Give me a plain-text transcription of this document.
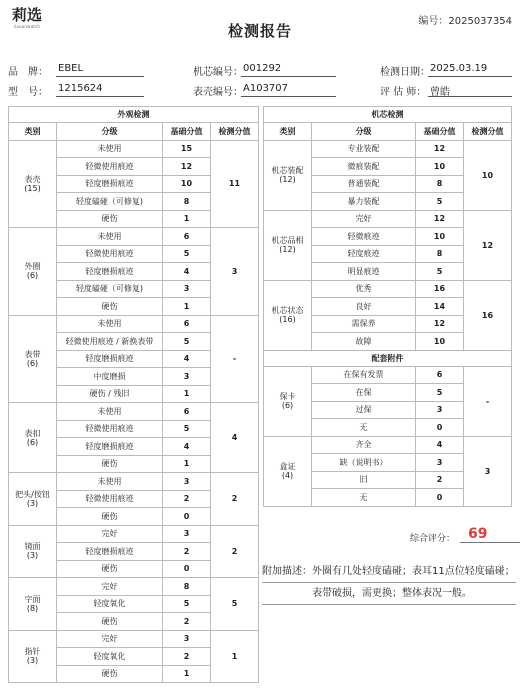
莉选
lixuanwatch	检测报告
编号：2025037354
品　牌： EBEL	机芯编号： 001292	检测日期： 2025.03.19
型　号： 1215624	表壳编号： A103707	评 估 师： 曾皓
外观检测			
类别	分级	基础分值	检测分值
表壳
(15)	未使用	15	11
	轻微使用痕迹	12	
	轻度磨损痕迹	10	
	轻度磕碰（可修复)	8	
	硬伤	1	
外圈
(6)	未使用	6	3
	轻微使用痕迹	5	
	轻度磨损痕迹	4	
	轻度磕碰（可修复)	3	
	硬伤	1	
表带
(6)	未使用	6	-
	轻微使用痕迹 / 新换表带	5	
	轻度磨损痕迹	4	
	中度磨损	3	
	硬伤 / 残旧	1	
表扣
(6)	未使用	6	4
	轻微使用痕迹	5	
	轻度磨损痕迹	4	
	硬伤	1	
把头/按钮
(3)	未使用	3	2
	轻微使用痕迹	2	
	硬伤	0	
镜面
(3)	完好	3	2
	轻度磨损痕迹	2	
	硬伤	0	
字面
(8)	完好	8	5
	轻度氧化	5	
	硬伤	2	
指针
(3)	完好	3	1
	轻度氧化	2	
	硬伤	1	
机芯检测			
类别	分级	基础分值	检测分值
机芯装配
(12)	专业装配	12	10
	微痕装配	10	
	普通装配	8	
	暴力装配	5	
机芯品相
(12)	完好	12	12
	轻微痕迹	10	
	轻度痕迹	8	
	明显痕迹	5	
机芯状态
(16)	优秀	16	16
	良好	14	
	需保养	12	
	故障	10	
配套附件			
保卡
(6)	在保有发票	6	-
	在保	5	
	过保	3	
	无	0	
盒证
(4)	齐全	4	3
	缺（说明书）	3	
	旧	2	
	无	0	
综合评分： 69
附加描述：外圈有几处轻度磕碰；表耳11点位轻度磕碰；
表带破损，需更换；整体表况一般。
